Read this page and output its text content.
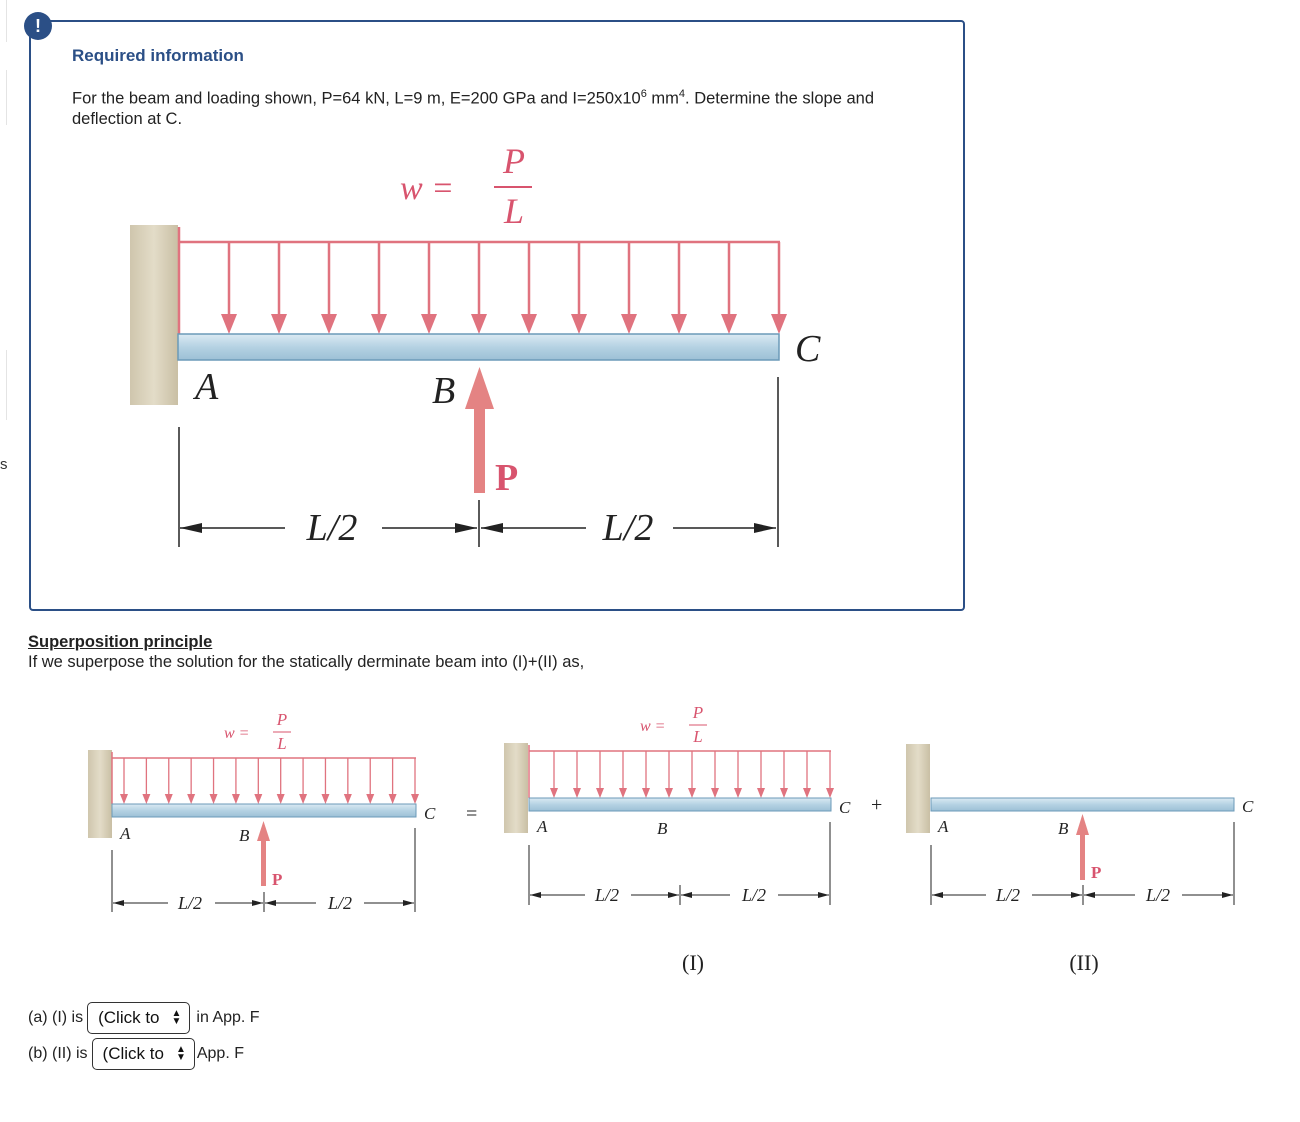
s
!
Required information
For the beam and loading shown, P=64 kN, L=9 m, E=200 GPa and $I=250x10^6$ $mm^4$. Determine the slope and deflection at C.
w =
P
L
A	B
C
P
L/2	L/2
Superposition principle
If we superpose the solution for the statically derminate beam into (I)+(II) as,
w =
P
L
A	B
C
P
L/2	L/2
=
w =
P
L
A	B
C
L/2	L/2
(I)
+
A	B
C
P
L/2	L/2
(II)
(a) (I) is (Click to ▲
▼ in App. F
(b) (II) is (Click to ▲
▼ App. F
